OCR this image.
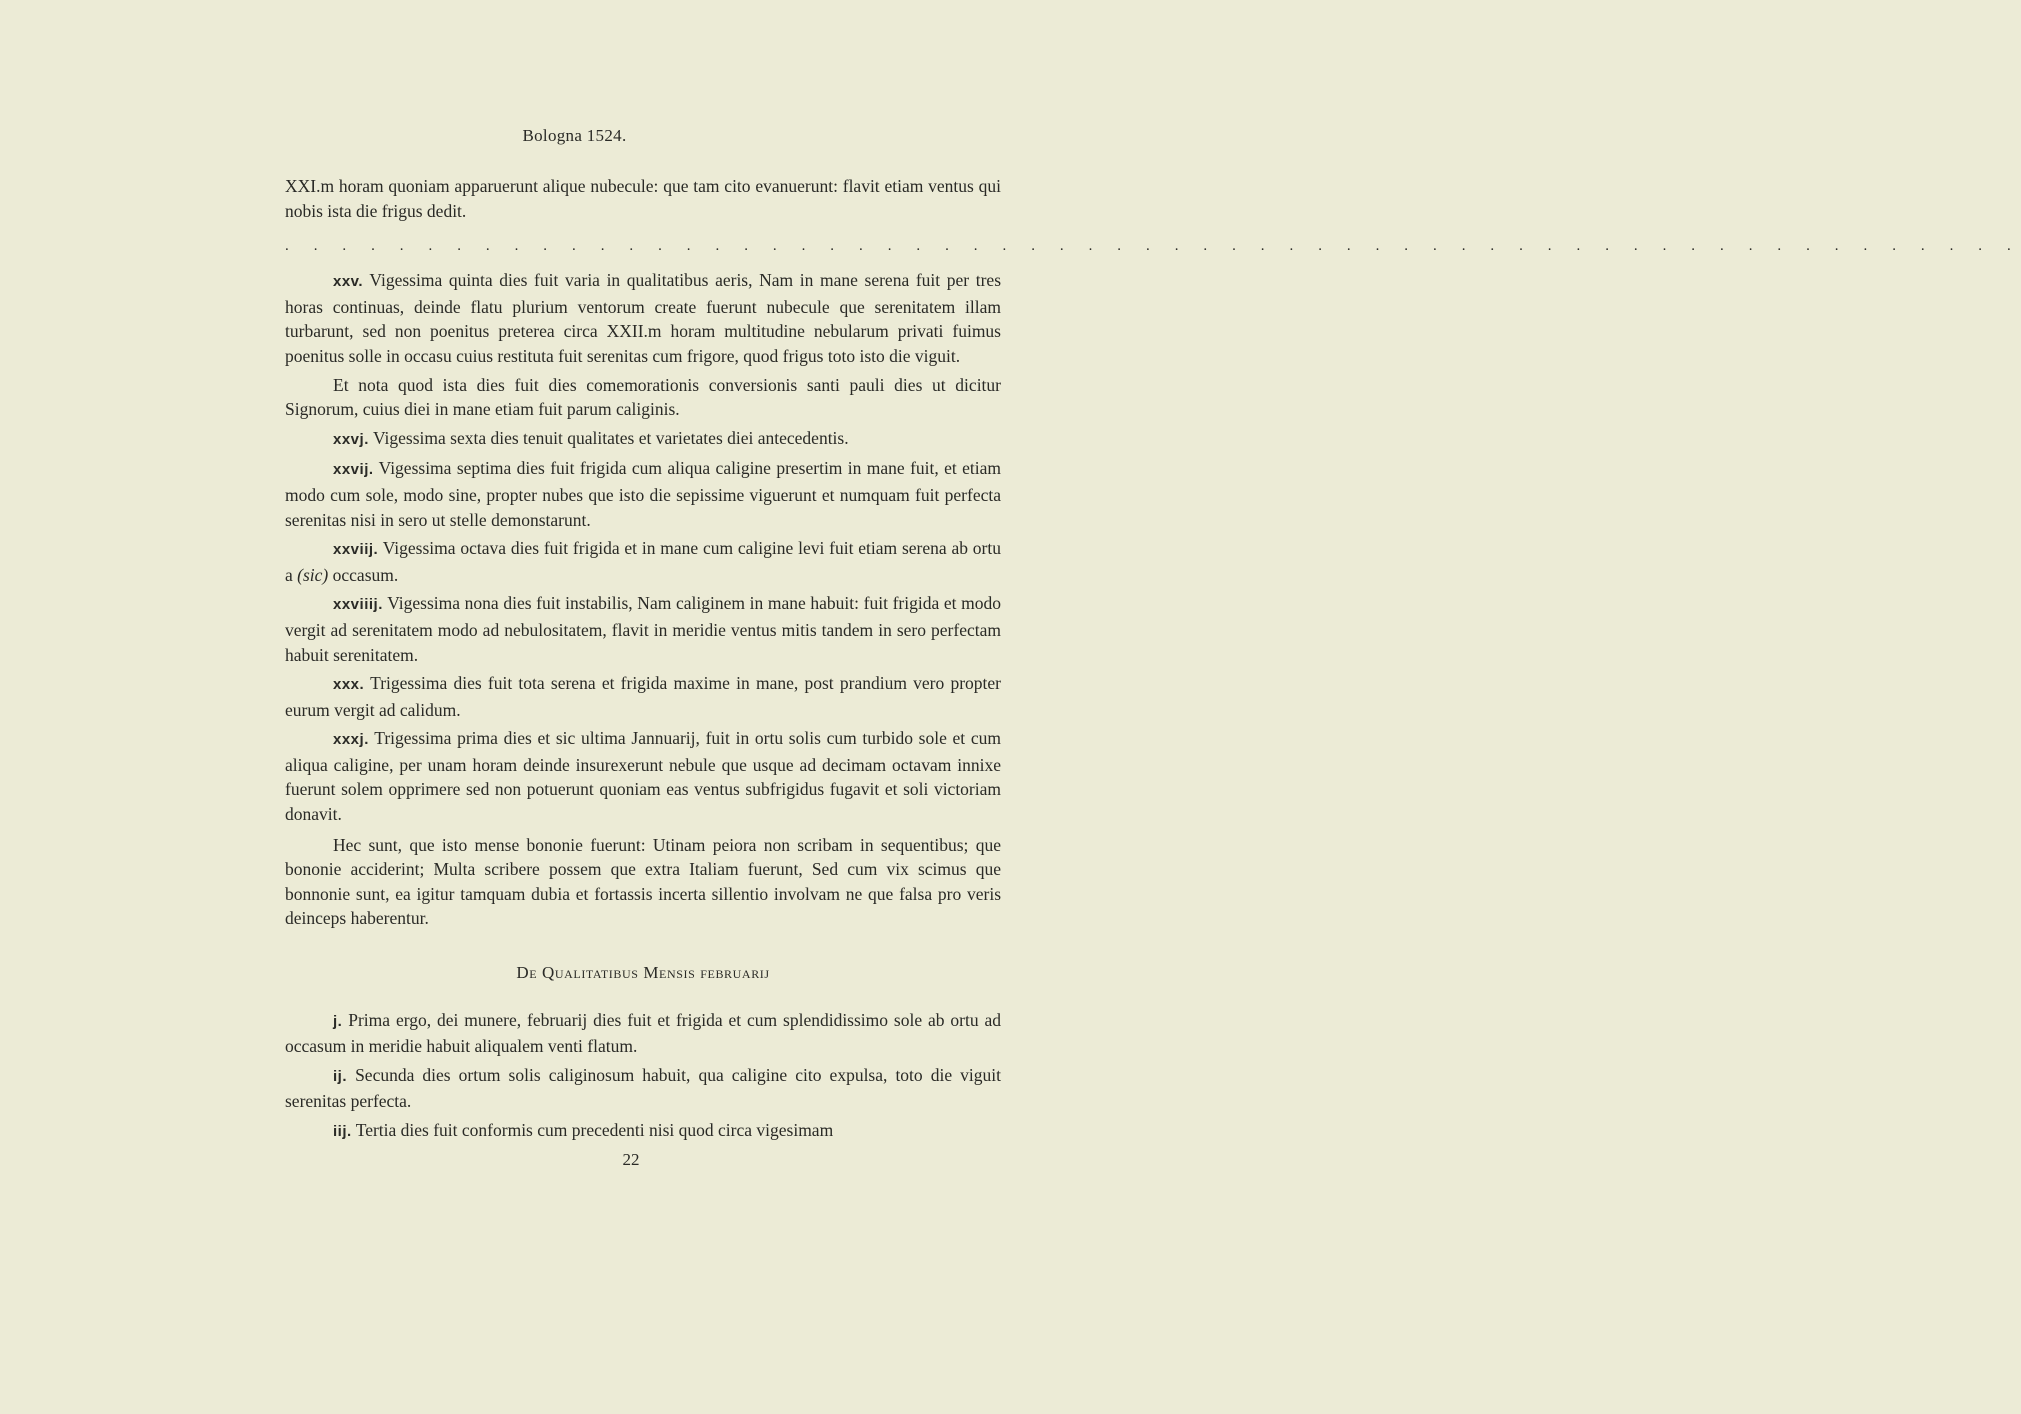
Bologna 1524.

XXI.m horam quoniam apparuerunt alique nubecule: que tam cito evanuerunt: flavit etiam ventus qui nobis ista die frigus dedit.

. . . . . . . . . . . . . . . . . . . . . . . . . . . . . . . . . . . . . . . . . . . . . . . . . . . . . . . . . . . . .

xxv. Vigessima quinta dies fuit varia in qualitatibus aeris, Nam in mane serena fuit per tres horas continuas, deinde flatu plurium ventorum create fuerunt nubecule que serenitatem illam turbarunt, sed non poenitus preterea circa XXII.m horam multitudine nebularum privati fuimus poenitus solle in occasu cuius restituta fuit serenitas cum frigore, quod frigus toto isto die viguit.

Et nota quod ista dies fuit dies comemorationis conversionis santi pauli dies ut dicitur Signorum, cuius diei in mane etiam fuit parum caliginis.

xxvj. Vigessima sexta dies tenuit qualitates et varietates diei antecedentis.

xxvij. Vigessima septima dies fuit frigida cum aliqua caligine presertim in mane fuit, et etiam modo cum sole, modo sine, propter nubes que isto die sepissime viguerunt et numquam fuit perfecta serenitas nisi in sero ut stelle demonstarunt.

xxviij. Vigessima octava dies fuit frigida et in mane cum caligine levi fuit etiam serena ab ortu a (sic) occasum.

xxviiij. Vigessima nona dies fuit instabilis, Nam caliginem in mane habuit: fuit frigida et modo vergit ad serenitatem modo ad nebulositatem, flavit in meridie ventus mitis tandem in sero perfectam habuit serenitatem.

xxx. Trigessima dies fuit tota serena et frigida maxime in mane, post prandium vero propter eurum vergit ad calidum.

xxxj. Trigessima prima dies et sic ultima Jannuarij, fuit in ortu solis cum turbido sole et cum aliqua caligine, per unam horam deinde insurexerunt nebule que usque ad decimam octavam innixe fuerunt solem opprimere sed non potuerunt quoniam eas ventus subfrigidus fugavit et soli victoriam donavit.

Hec sunt, que isto mense bononie fuerunt: Utinam peiora non scribam in sequentibus; que bononie acciderint; Multa scribere possem que extra Italiam fuerunt, Sed cum vix scimus que bonnonie sunt, ea igitur tamquam dubia et fortassis incerta sillentio involvam ne que falsa pro veris deinceps haberentur.

De Qualitatibus Mensis februarij

j. Prima ergo, dei munere, februarij dies fuit et frigida et cum splendidissimo sole ab ortu ad occasum in meridie habuit aliqualem venti flatum.

ij. Secunda dies ortum solis caliginosum habuit, qua caligine cito expulsa, toto die viguit serenitas perfecta.

iij. Tertia dies fuit conformis cum precedenti nisi quod circa vigesimam

22
